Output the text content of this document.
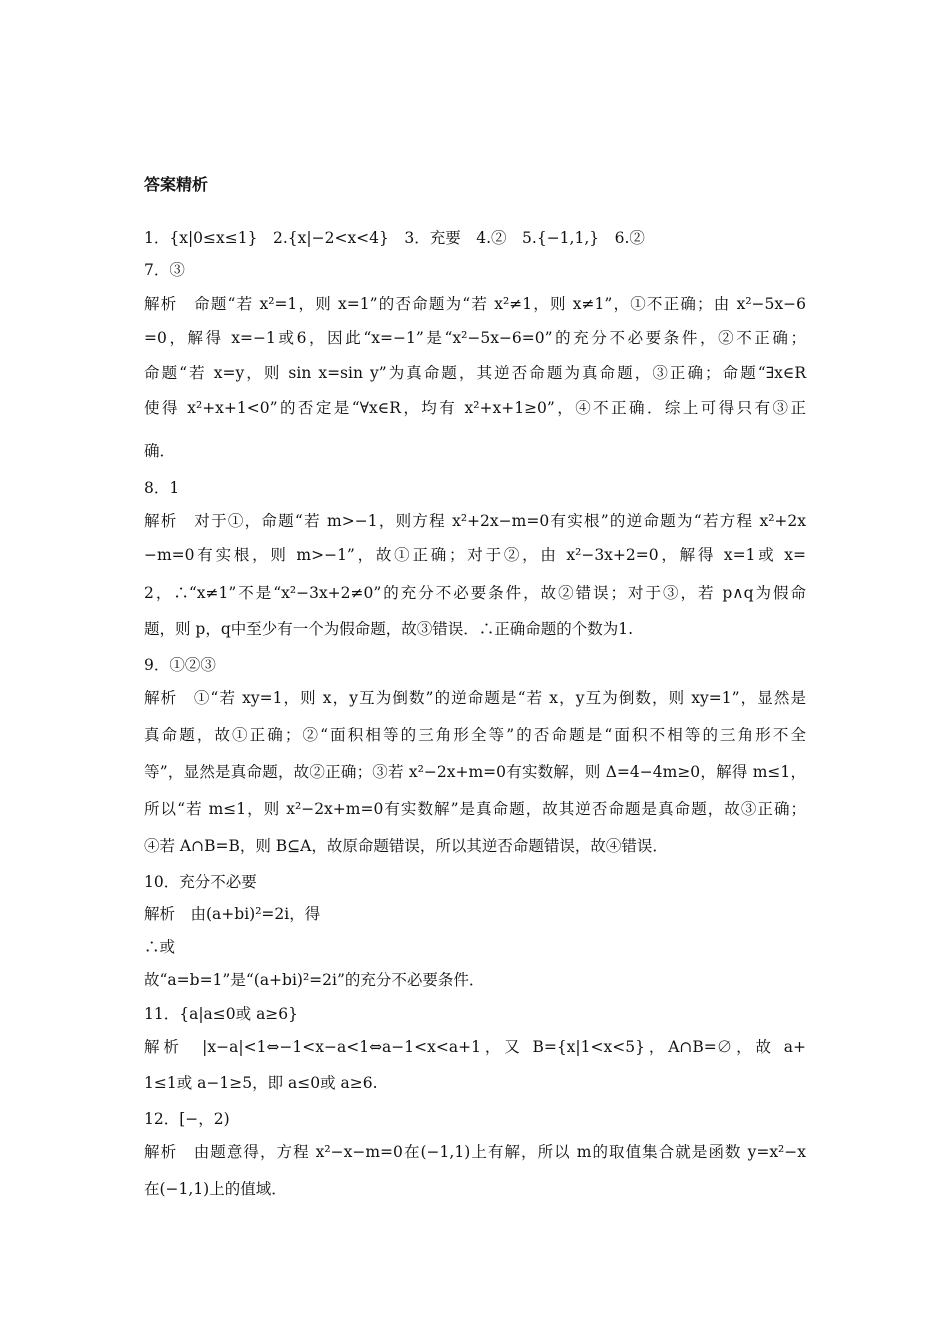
答案精析
1．{x|0≤x≤1}　2.{x|−2<x<4}　3．充要　4.②　5.{−1,1,}　6.②
7．③
解析　命题“若 x²=1，则 x=1”的否命题为“若 x²≠1，则 x≠1”，①不正确；由 x²−5x−6
=0，解得 x=−1或6，因此“x=−1”是“x²−5x−6=0”的充分不必要条件，②不正确；
命题“若 x=y，则 sin x=sin y”为真命题，其逆否命题为真命题，③正确；命题“∃x∈R
使得 x²+x+1<0”的否定是“∀x∈R，均有 x²+x+1≥0”，④不正确．综上可得只有③正
确．
8．1
解析　对于①，命题“若 m>−1，则方程 x²+2x−m=0有实根”的逆命题为“若方程 x²+2x
−m=0有实根，则 m>−1”，故①正确；对于②，由 x²−3x+2=0，解得 x=1或 x=
2，∴“x≠1”不是“x²−3x+2≠0”的充分不必要条件，故②错误；对于③，若 p∧q为假命
题，则 p，q中至少有一个为假命题，故③错误．∴正确命题的个数为1.
9．①②③
解析　①“若 xy=1，则 x，y互为倒数”的逆命题是“若 x，y互为倒数，则 xy=1”，显然是
真命题，故①正确；②“面积相等的三角形全等”的否命题是“面积不相等的三角形不全
等”，显然是真命题，故②正确；③若 x²−2x+m=0有实数解，则 Δ=4−4m≥0，解得 m≤1，
所以“若 m≤1，则 x²−2x+m=0有实数解”是真命题，故其逆否命题是真命题，故③正确；
④若 A∩B=B，则 B⊆A，故原命题错误，所以其逆否命题错误，故④错误．
10．充分不必要
解析　由(a+bi)²=2i，得
∴或
故“a=b=1”是“(a+bi)²=2i”的充分不必要条件．
11．{a|a≤0或 a≥6}
解析　|x−a|<1⇔−1<x−a<1⇔a−1<x<a+1，又 B={x|1<x<5}，A∩B=∅，故 a+
1≤1或 a−1≥5，即 a≤0或 a≥6.
12．[−，2)
解析　由题意得，方程 x²−x−m=0在(−1,1)上有解，所以 m的取值集合就是函数 y=x²−x
在(−1,1)上的值域．
